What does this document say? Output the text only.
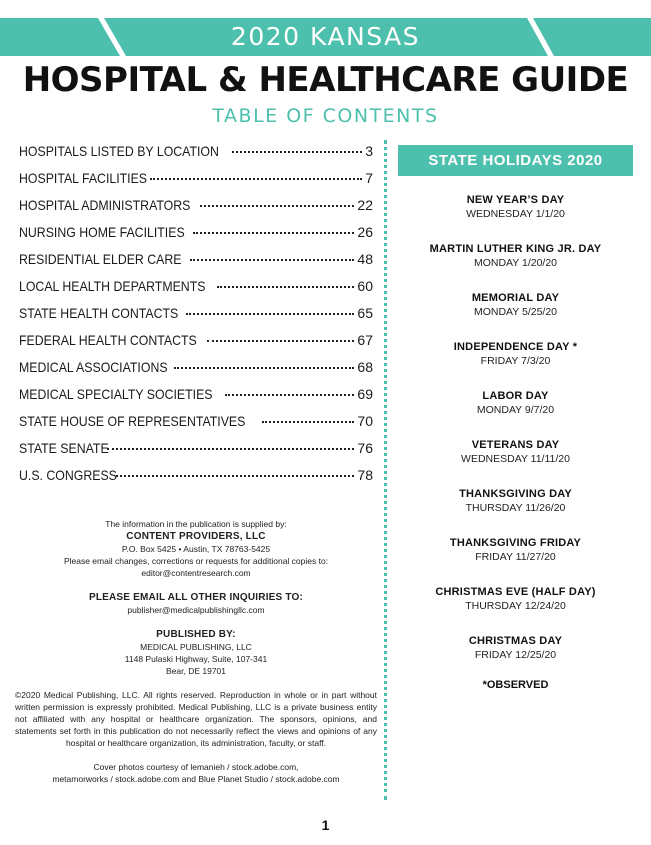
2020 KANSAS
HOSPITAL & HEALTHCARE GUIDE
TABLE OF CONTENTS
HOSPITALS LISTED BY LOCATION	3
HOSPITAL FACILITIES	7
HOSPITAL ADMINISTRATORS	22
NURSING HOME FACILITIES	26
RESIDENTIAL ELDER CARE	48
LOCAL HEALTH DEPARTMENTS	60
STATE HEALTH CONTACTS	65
FEDERAL HEALTH CONTACTS	67
MEDICAL ASSOCIATIONS	68
MEDICAL SPECIALTY SOCIETIES	69
STATE HOUSE OF REPRESENTATIVES	70
STATE SENATE	76
U.S. CONGRESS	78

The information in the publication is supplied by:

CONTENT PROVIDERS, LLC

P.O. Box 5425 • Austin, TX 78763-5425

Please email changes, corrections or requests for additional copies to: editor@contentresearch.com

PLEASE EMAIL ALL OTHER INQUIRIES TO:

publisher@medicalpublishingllc.com

PUBLISHED BY:

MEDICAL PUBLISHING, LLC

1148 Pulaski Highway, Suite, 107-341

Bear, DE 19701

©2020 Medical Publishing, LLC. All rights reserved. Reproduction in whole or in part without written permission is expressly prohibited. Medical Publishing, LLC is a private business entity not affiliated with any hospital or healthcare organization. The sponsors, opinions, and statements set forth in this publication do not necessarily reflect the views and opinions of any hospital or healthcare organization, its administration, faculty, or staff.

Cover photos courtesy of lemanieh / stock.adobe.com,

metamorworks / stock.adobe.com and Blue Planet Studio / stock.adobe.com

STATE HOLIDAYS 2020
NEW YEAR’S DAY
WEDNESDAY 1/1/20
MARTIN LUTHER KING JR. DAY
MONDAY 1/20/20
MEMORIAL DAY
MONDAY 5/25/20
INDEPENDENCE DAY *
FRIDAY 7/3/20
LABOR DAY
MONDAY 9/7/20
VETERANS DAY
WEDNESDAY 11/11/20
THANKSGIVING DAY
THURSDAY 11/26/20
THANKSGIVING FRIDAY
FRIDAY 11/27/20
CHRISTMAS EVE (HALF DAY)
THURSDAY 12/24/20
CHRISTMAS DAY
FRIDAY 12/25/20
*OBSERVED
1
